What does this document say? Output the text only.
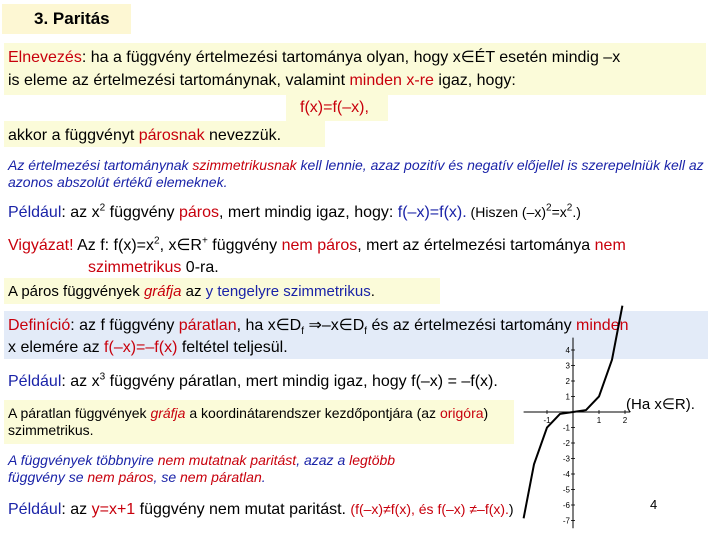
3. Paritás
Elnevezés: ha a függvény értelmezési tartománya olyan, hogy x∈ÉT esetén mindig –x
is eleme az értelmezési tartománynak, valamint minden x-re igaz, hogy:
f(x)=f(–x),
akkor a függvényt párosnak nevezzük.
Az értelmezési tartománynak szimmetrikusnak kell lennie, azaz pozitív és negatív előjellel is szerepelniük kell az azonos abszolút értékű elemeknek.
Például: az $x^2$ függvény páros, mert mindig igaz, hogy: f(–x)=f(x). (Hiszen $(-x)^2=x^2$.)
Vigyázat! Az f: $f(x)=x^2$, x∈R+ függvény nem páros, mert az értelmezési tartománya nem
szimmetrikus 0-ra.
A páros függvények gráfja az y tengelyre szimmetrikus.
Definíció: az f függvény páratlan, ha $x\in D_f$ $\Rightarrow-x\in D_f$ és az értelmezési tartomány minden
x elemére az f(–x)=–f(x) feltétel teljesül.
Például: az $x^3$ függvény páratlan, mert mindig igaz, hogy f(–x) = –f(x).
A páratlan függvények gráfja a koordinátarendszer kezdőpontjára (az origóra) szimmetrikus.
(Ha x∈R).
A függvények többnyire nem mutatnak paritást, azaz a legtöbb
függvény se nem páros, se nem páratlan.
Például: az y=x+1 függvény nem mutat paritást. (f(–x)≠f(x), és f(–x) ≠–f(x).)	4
4
3
2
1
-1
-2
-3
-4
-5
-6
-7
-1	1	2
